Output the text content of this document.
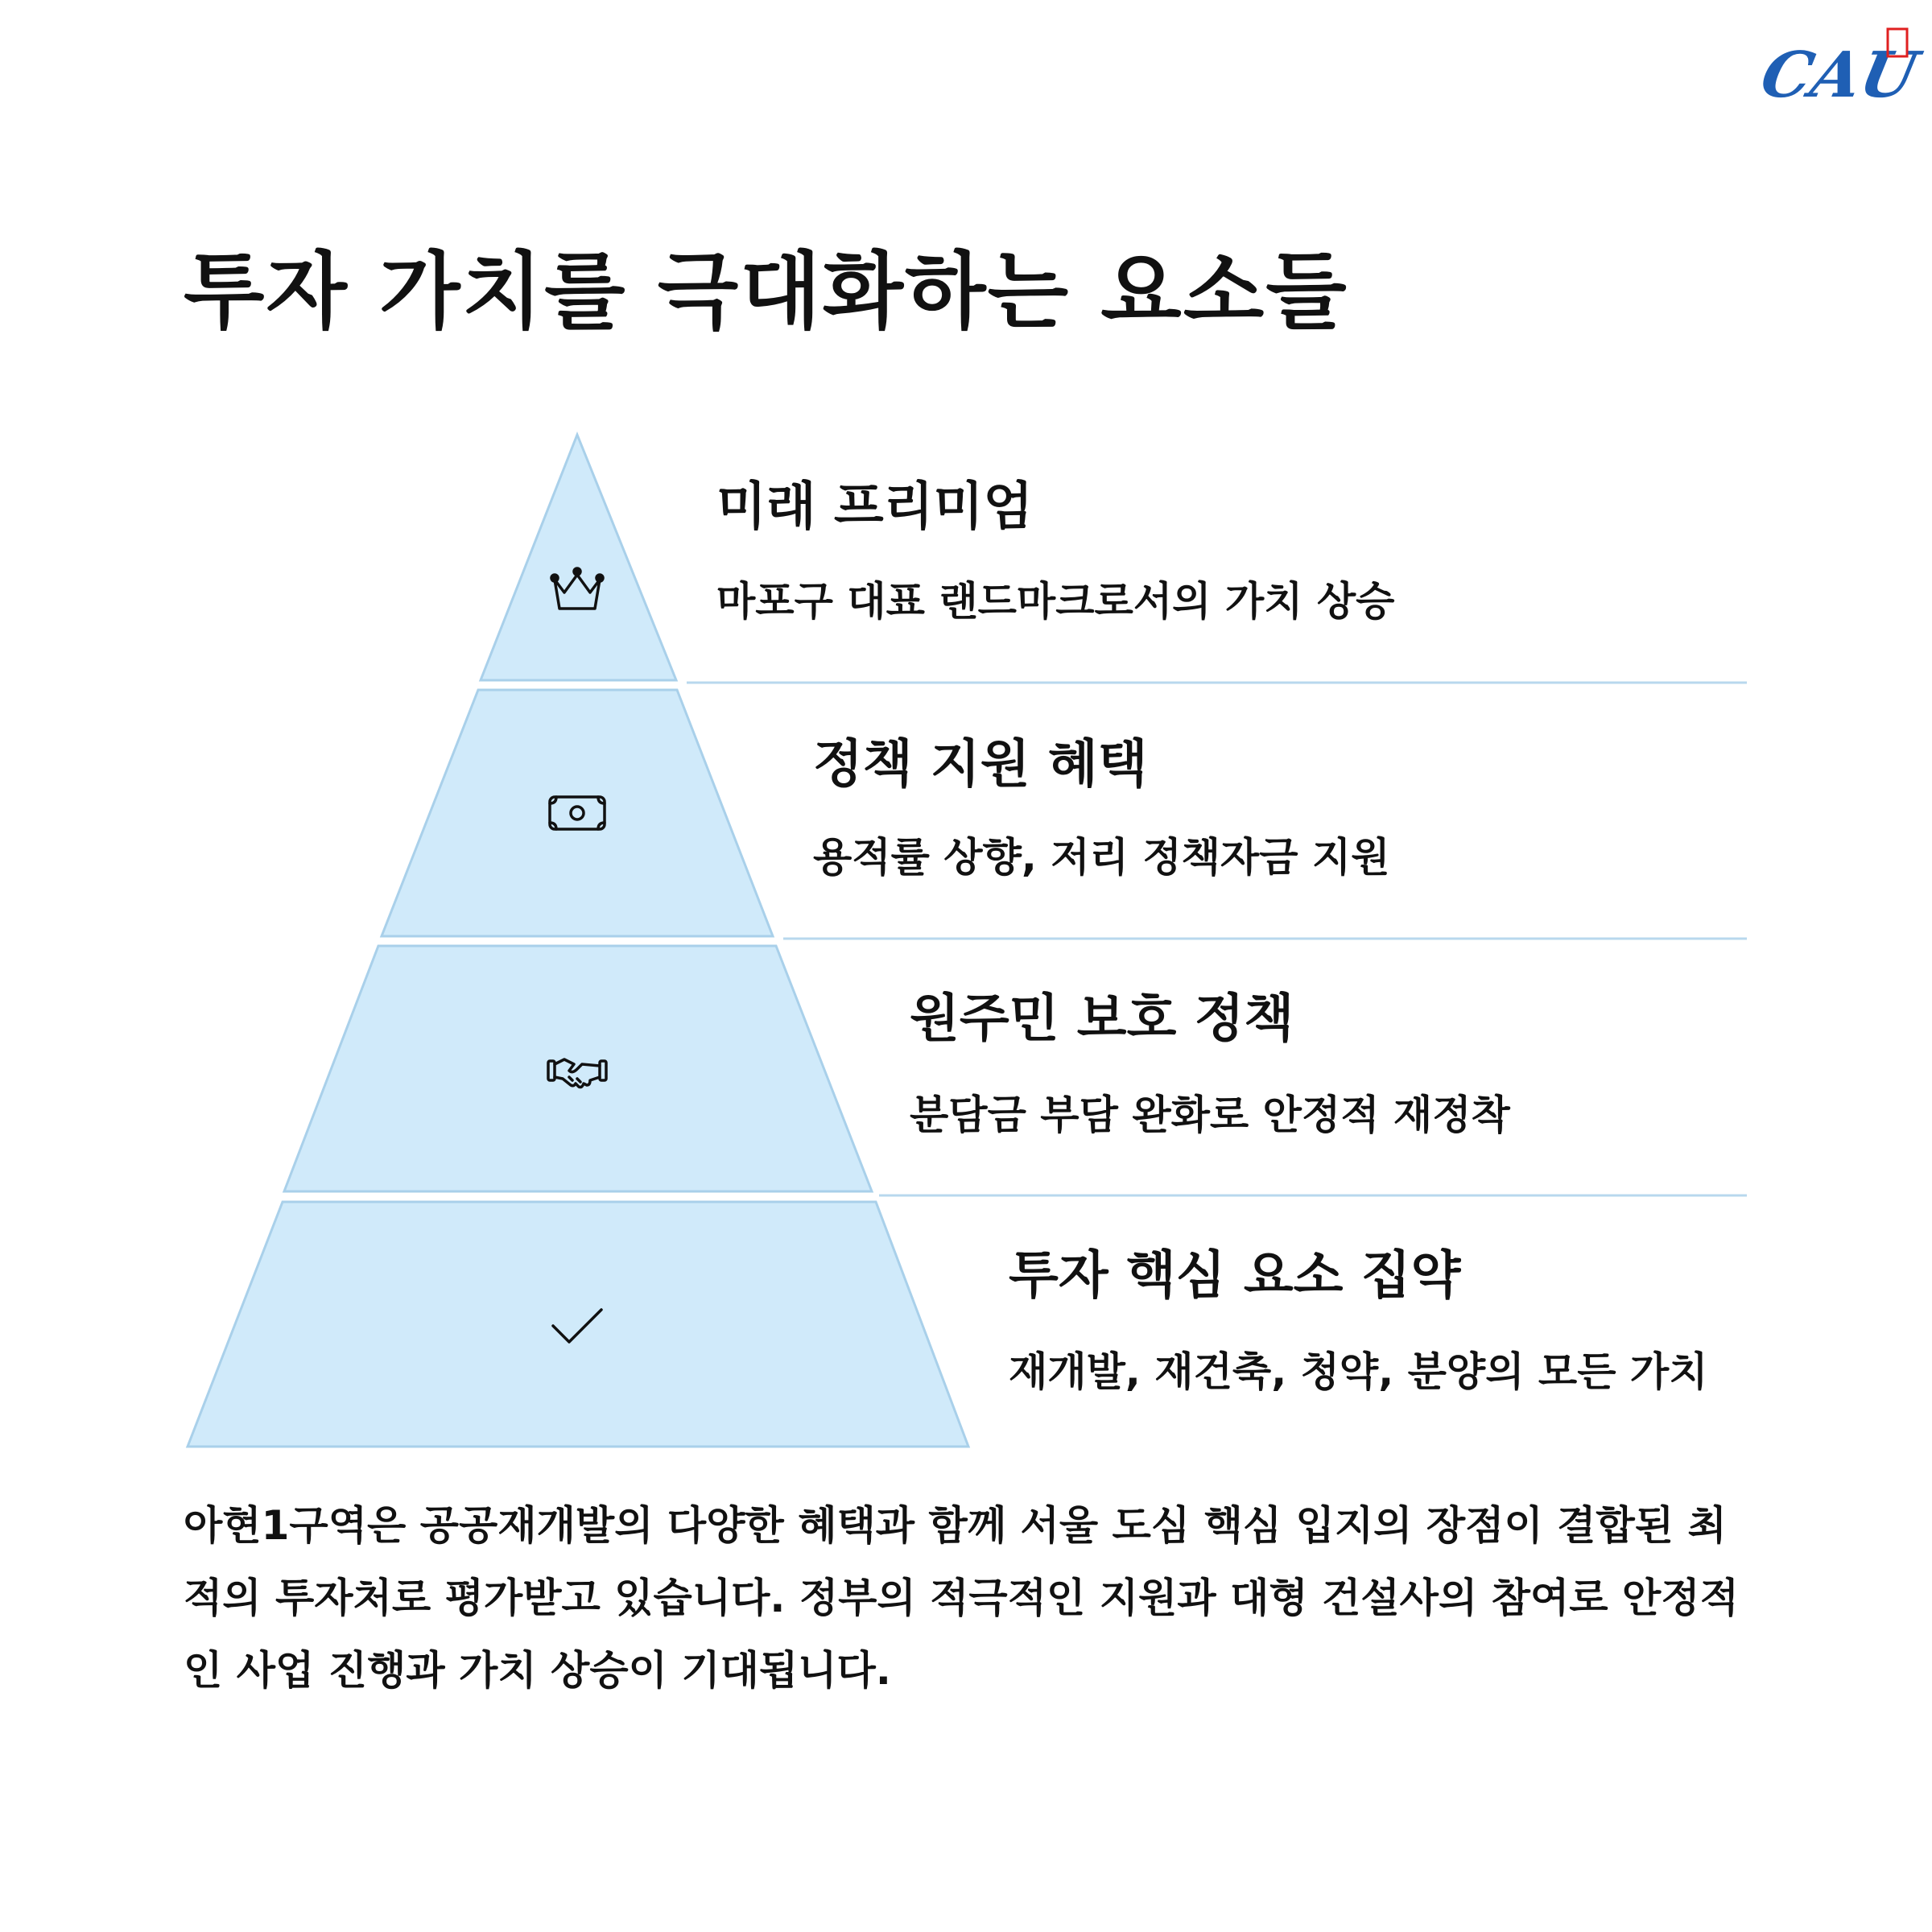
CAU
투자 가치를 극대화하는 요소들
미래 프리미엄

마포구 대표 랜드마크로서의 가치 상승

정책 지원 혜택

용적률 상향, 저리 정책자금 지원

원주민 보호 정책

분담금 부담 완화로 안정적 재정착

투자 핵심 요소 집약

재개발, 재건축, 청약, 분양의 모든 가치

아현1구역은 공공재개발의 다양한 혜택과 함께 서울 도심 핵심 입지의 장점이 결합된 최적의 투자처로 평가받고 있습니다. 정부의 적극적인 지원과 대형 건설사의 참여로 안정적인 사업 진행과 가치 상승이 기대됩니다.
